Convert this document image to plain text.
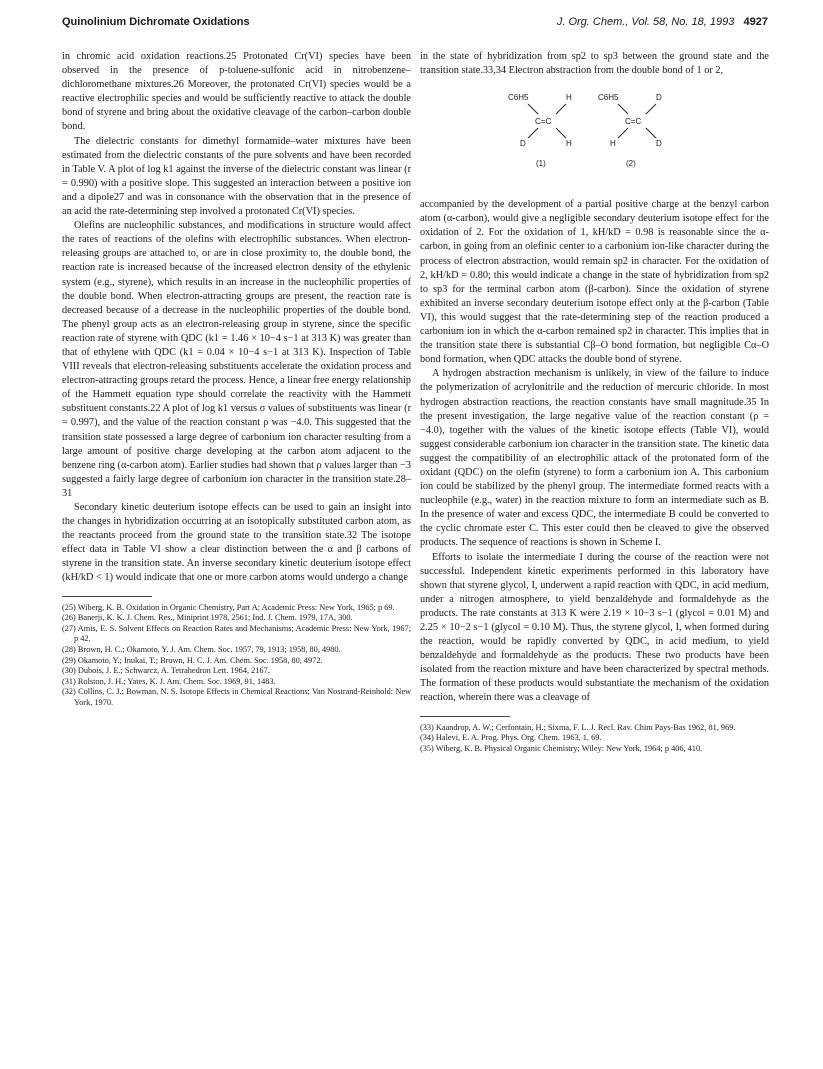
Quinolinium Dichromate Oxidations	J. Org. Chem., Vol. 58, No. 18, 1993 4927

in chromic acid oxidation reactions.25 Protonated Cr(VI) species have been observed in the presence of p-toluene-sulfonic acid in nitrobenzene–dichloromethane mixtures.26 Moreover, the protonated Cr(VI) species would be a reactive electrophilic species and would be sufficiently reactive to attack the double bond of styrene and bring about the oxidative cleavage of the carbon–carbon double bond.

The dielectric constants for dimethyl formamide–water mixtures have been estimated from the dielectric constants of the pure solvents and have been recorded in Table V. A plot of log k1 against the inverse of the dielectric constant was linear (r = 0.990) with a positive slope. This suggested an interaction between a positive ion and a dipole27 and was in consonance with the observation that in the presence of an acid the rate-determining step involved a protonated Cr(VI) species.

Olefins are nucleophilic substances, and modifications in structure would affect the rates of reactions of the olefins with electrophilic substances. When electron-releasing groups are attached to, or are in close proximity to, the double bond, the reaction rate is increased because of the increased electron density of the ethylenic system (e.g., styrene), which results in an increase in the nucleophilic properties of the double bond. When electron-attracting groups are present, the reaction rate is decreased because of a decrease in the nucleophilic properties of the double bond. The phenyl group acts as an electron-releasing group in styrene, since the specific reaction rate of styrene with QDC (k1 = 1.46 × 10−4 s−1 at 313 K) was greater than that of ethylene with QDC (k1 = 0.04 × 10−4 s−1 at 313 K). Inspection of Table VIII reveals that electron-releasing substituents accelerate the oxidation process and electron-attracting groups retard the process. Hence, a linear free energy relationship of the Hammett equation type should correlate the reactivity with the Hammett substituent constants.22 A plot of log k1 versus σ values of substituents was linear (r = 0.997), and the value of the reaction constant ρ was −4.0. This suggested that the transition state possessed a large degree of carbonium ion character resulting from a large amount of positive charge developing at the carbon atom adjacent to the benzene ring (α-carbon atom). Earlier studies had shown that ρ values larger than −3 suggested a fairly large degree of carbonium ion character in the transition state.28–31

Secondary kinetic deuterium isotope effects can be used to gain an insight into the changes in hybridization occurring at an isotopically substituted carbon atom, as the reactants proceed from the ground state to the transition state.32 The isotope effect data in Table VI show a clear distinction between the α and β carbons of styrene in the transition state. An inverse secondary kinetic deuterium isotope effect (kH/kD < 1) would indicate that one or more carbon atoms would undergo a change

(25) Wiberg, K. B. Oxidation in Organic Chemistry, Part A; Academic Press: New York, 1965; p 69.

(26) Banerji, K. K. J. Chem. Res., Miniprint 1978, 2561; Ind. J. Chem. 1979, 17A, 300.

(27) Amis, E. S. Solvent Effects on Reaction Rates and Mechanisms; Academic Press: New York, 1967; p 42.

(28) Brown, H. C.; Okamoto, Y. J. Am. Chem. Soc. 1957, 79, 1913; 1958, 80, 4980.

(29) Okamoto, Y.; Inukai, T.; Brown, H. C. J. Am. Chem. Soc. 1958, 80, 4972.

(30) Dubois, J. E.; Schwarcz, A. Tetrahedron Lett. 1964, 2167.

(31) Rolston, J. H.; Yates, K. J. Am. Chem. Soc. 1969, 91, 1483.

(32) Collins, C. J.; Bowman, N. S. Isotope Effects in Chemical Reactions; Van Nostrand-Reinhold: New York, 1970.

in the state of hybridization from sp2 to sp3 between the ground state and the transition state.33,34 Electron abstraction from the double bond of 1 or 2,

C6H5	H
C=C
D	H
(1)
C6H5	D
C=C
H	D
(2)

accompanied by the development of a partial positive charge at the benzyl carbon atom (α-carbon), would give a negligible secondary deuterium isotope effect for the oxidation of 2. For the oxidation of 1, kH/kD = 0.98 is reasonable since the α-carbon, in going from an olefinic center to a carbonium ion-like character during the process of electron abstraction, would remain sp2 in character. For the oxidation of 2, kH/kD = 0.80; this would indicate a change in the state of hybridization from sp2 to sp3 for the terminal carbon atom (β-carbon). Since the oxidation of styrene exhibited an inverse secondary deuterium isotope effect only at the β-carbon (Table VI), this would suggest that the rate-determining step of the reaction produced a carbonium ion in which the α-carbon remained sp2 in character. This implies that in the transition state there is substantial Cβ–O bond formation, but negligible Cα–O bond formation, when QDC attacks the double bond of styrene.

A hydrogen abstraction mechanism is unlikely, in view of the failure to induce the polymerization of acrylonitrile and the reduction of mercuric chloride. In most hydrogen abstraction reactions, the reaction constants have small magnitude.35 In the present investigation, the large negative value of the reaction constant (ρ = −4.0), together with the values of the kinetic isotope effects (Table VI), would suggest considerable carbonium ion character in the transition state. The kinetic data suggest the compatibility of an electrophilic attack of the protonated form of the oxidant (QDC) on the olefin (styrene) to form a carbonium ion A. This carbonium ion could be stabilized by the phenyl group. The intermediate formed reacts with a nucleophile (e.g., water) in the reaction mixture to form an intermediate such as B. In the presence of water and excess QDC, the intermediate B could be converted to the cyclic chromate ester C. This ester could then be cleaved to give the observed products. The sequence of reactions is shown in Scheme I.

Efforts to isolate the intermediate I during the course of the reaction were not successful. Independent kinetic experiments performed in this laboratory have shown that styrene glycol, I, underwent a rapid reaction with QDC, in acid medium, under a nitrogen atmosphere, to yield benzaldehyde and formaldehyde as the products. The rate constants at 313 K were 2.19 × 10−3 s−1 (glycol = 0.01 M) and 2.25 × 10−2 s−1 (glycol = 0.10 M). Thus, the styrene glycol, I, when formed during the reaction, would be rapidly converted by QDC, in acid medium, to yield benzaldehyde and formaldehyde as the products. These two products have been isolated from the reaction mixture and have been characterized by spectral methods. The formation of these products would substantiate the mechanism of the oxidation reaction, wherein there was a cleavage of

(33) Kaandrop, A. W.; Cerfontain, H.; Sixma, F. L. J. Recl. Rav. Chim Pays-Bas 1962, 81, 969.

(34) Halevi, E. A. Prog. Phys. Org. Chem. 1963, 1, 69.

(35) Wiberg, K. B. Physical Organic Chemistry; Wiley: New York, 1964; p 406, 410.
